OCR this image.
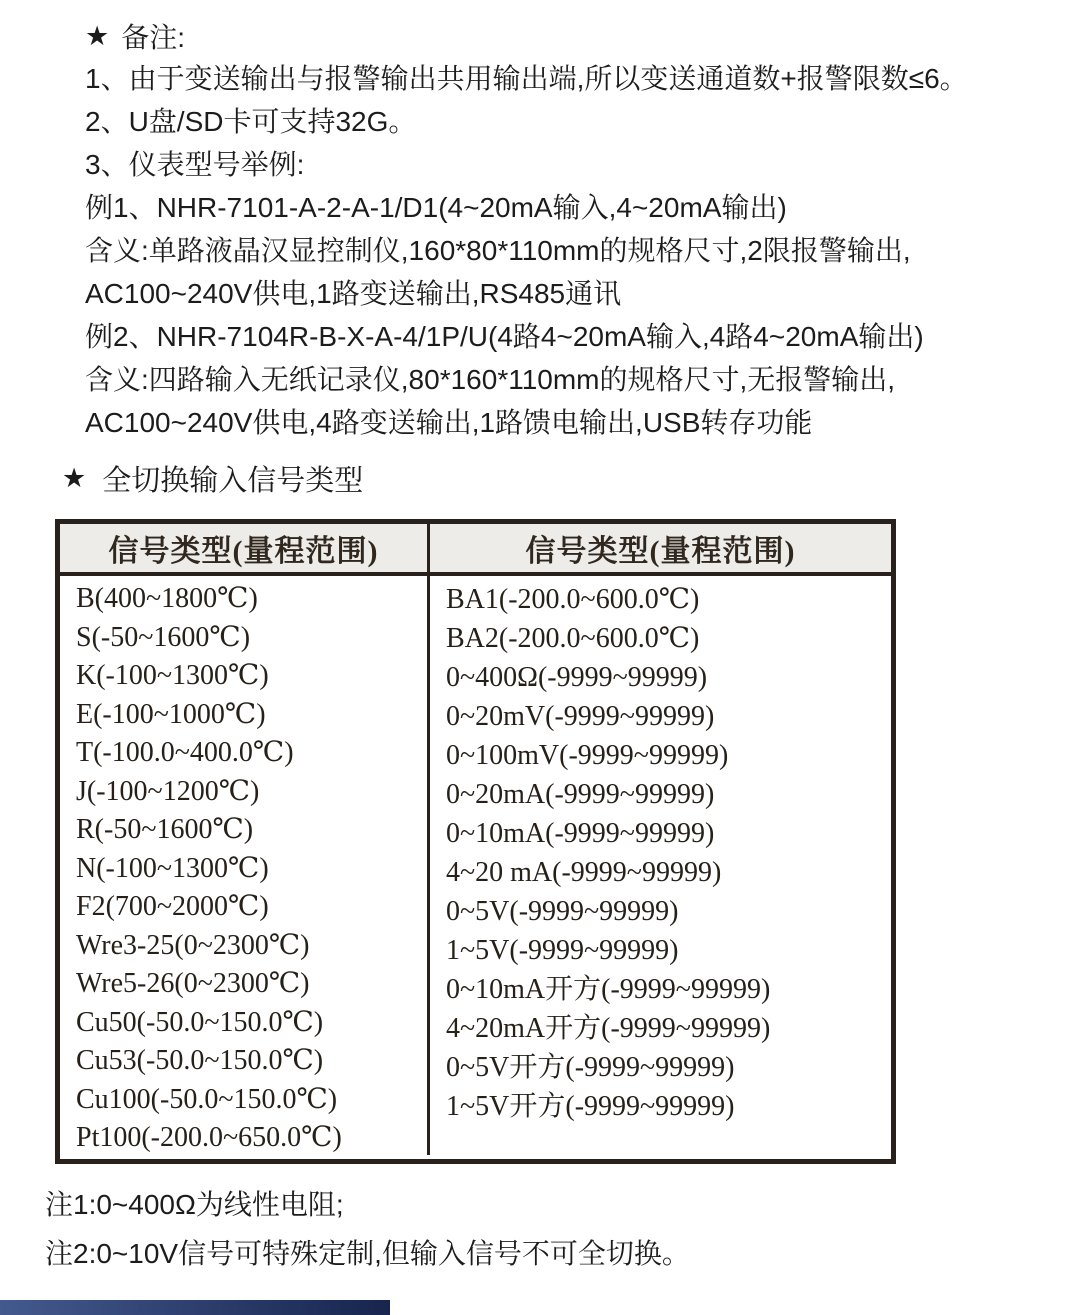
★ 备注:
1、由于变送输出与报警输出共用输出端,所以变送通道数+报警限数≤6。
2、U盘/SD卡可支持32G。
3、仪表型号举例:
例1、NHR-7101-A-2-A-1/D1(4~20mA输入,4~20mA输出)
含义:单路液晶汉显控制仪,160*80*110mm的规格尺寸,2限报警输出,
AC100~240V供电,1路变送输出,RS485通讯
例2、NHR-7104R-B-X-A-4/1P/U(4路4~20mA输入,4路4~20mA输出)
含义:四路输入无纸记录仪,80*160*110mm的规格尺寸,无报警输出,
AC100~240V供电,4路变送输出,1路馈电输出,USB转存功能
★ 全切换输入信号类型
信号类型(量程范围)	信号类型(量程范围)
B(400~1800℃)
S(-50~1600℃)
K(-100~1300℃)
E(-100~1000℃)
T(-100.0~400.0℃)
J(-100~1200℃)
R(-50~1600℃)
N(-100~1300℃)
F2(700~2000℃)
Wre3-25(0~2300℃)
Wre5-26(0~2300℃)
Cu50(-50.0~150.0℃)
Cu53(-50.0~150.0℃)
Cu100(-50.0~150.0℃)
Pt100(-200.0~650.0℃)
BA1(-200.0~600.0℃)
BA2(-200.0~600.0℃)
0~400Ω(-9999~99999)
0~20mV(-9999~99999)
0~100mV(-9999~99999)
0~20mA(-9999~99999)
0~10mA(-9999~99999)
4~20 mA(-9999~99999)
0~5V(-9999~99999)
1~5V(-9999~99999)
0~10mA开方(-9999~99999)
4~20mA开方(-9999~99999)
0~5V开方(-9999~99999)
1~5V开方(-9999~99999)
注1:0~400Ω为线性电阻;
注2:0~10V信号可特殊定制,但输入信号不可全切换。
